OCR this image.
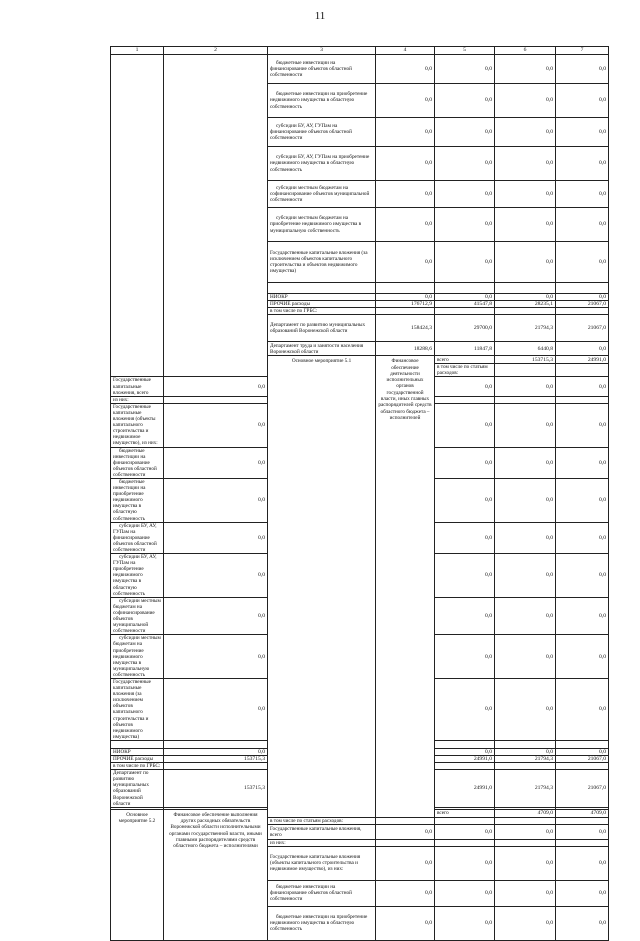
11
1	2	3	4	5	6	7	
		бюджетные инвестиции на финансирование объектов областной собственности	0,0	0,0	0,0	0,0	
		бюджетные инвестиции на приобретение недвижимого имущества в областную собственность	0,0	0,0	0,0	0,0	
		субсидии БУ, АУ, ГУПам на финансирование объектов областной собственности	0,0	0,0	0,0	0,0	
		субсидии БУ, АУ, ГУПам на приобретение недвижимого имущества в областную собственность	0,0	0,0	0,0	0,0	
		субсидии местным бюджетам на софинансирование объектов муниципальной собственности	0,0	0,0	0,0	0,0	
		субсидии местным бюджетам на приобретение недвижимого имущества в муниципальную собственность	0,0	0,0	0,0	0,0	
		Государственные капитальные вложения (за исключением объектов капитального строительства и объектов недвижимого имущества)	0,0	0,0	0,0	0,0	

		НИОКР	0,0	0,0	0,0	0,0	
		ПРОЧИЕ расходы	176712,9	41547,8	28235,1	21067,0	
		в том числе по ГРБС:					
		Департамент по развитию муниципальных образований Воронежской области	158424,3	29700,0	21794,3	21067,0	
		Департамент труда и занятости населения Воронежской области	18288,6	11847,8	6440,8	0,0	
		Основное мероприятие 5.1	Финансовое обеспечение деятельности исполнительных органов государственной власти, иных главных распорядителей средств областного бюджета – исполнителей	всего	153715,3	24991,0		
				в том числе по статьям расходов:				
Государственные капитальные вложения, всего	0,0			0,0	0,0	0,0	
из них:							
Государственные капитальные вложения (объекты капитального строительства и недвижимое имущество), из них:	0,0			0,0	0,0	0,0	
бюджетные инвестиции на финансирование объектов областной собственности	0,0			0,0	0,0	0,0	
бюджетные инвестиции на приобретение недвижимого имущества в областную собственность	0,0			0,0	0,0	0,0	
субсидии БУ, АУ, ГУПам на финансирование объектов областной собственности	0,0			0,0	0,0	0,0	
субсидии БУ, АУ, ГУПам на приобретение недвижимого имущества в областную собственность	0,0			0,0	0,0	0,0	
субсидии местным бюджетам на софинансирование объектов муниципальной собственности	0,0			0,0	0,0	0,0	
субсидии местным бюджетам на приобретение недвижимого имущества в муниципальную собственность	0,0			0,0	0,0	0,0	
Государственные капитальные вложения (за исключением объектов капитального строительства и объектов недвижимого имущества)	0,0			0,0	0,0	0,0	

НИОКР	0,0			0,0	0,0	0,0	
ПРОЧИЕ расходы	153715,3			24991,0	21794,3	21067,0	
в том числе по ГРБС:							
Департамент по развитию муниципальных образований Воронежской области	153715,3			24991,0	21794,3	21067,0	

Основное мероприятие 5.2	Финансовое обеспечение выполнения других расходных обязательств Воронежской области исполнительными органами государственной власти, иными главными распорядителями средств областного бюджета – исполнителями			всего	4709,0	4709,0		
		в том числе по статьям расходов:					
		Государственные капитальные вложения, всего	0,0	0,0	0,0	0,0	
		из них:					
		Государственные капитальные вложения (объекты капитального строительства и недвижимое имущество), из них:	0,0	0,0	0,0	0,0	
		бюджетные инвестиции на финансирование объектов областной собственности	0,0	0,0	0,0	0,0	
		бюджетные инвестиции на приобретение недвижимого имущества в областную собственность	0,0	0,0	0,0	0,0	
